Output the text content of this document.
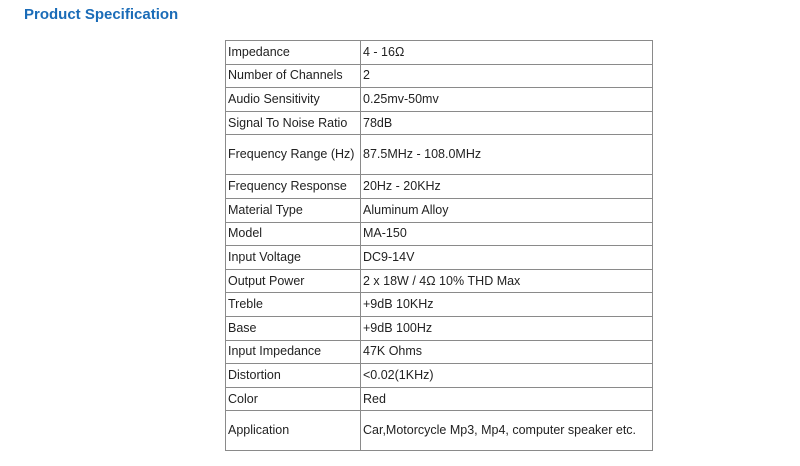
Product Specification
Impedance	4 - 16Ω
Number of Channels	2
Audio Sensitivity	0.25mv-50mv
Signal To Noise Ratio	78dB
Frequency Range (Hz)	87.5MHz - 108.0MHz
Frequency Response	20Hz - 20KHz
Material Type	Aluminum Alloy
Model	MA-150
Input Voltage	DC9-14V
Output Power	2 x 18W / 4Ω 10% THD Max
Treble	+9dB 10KHz
Base	+9dB 100Hz
Input Impedance	47K Ohms
Distortion	<0.02(1KHz)
Color	Red
Application	Car,Motorcycle Mp3, Mp4, computer speaker etc.
